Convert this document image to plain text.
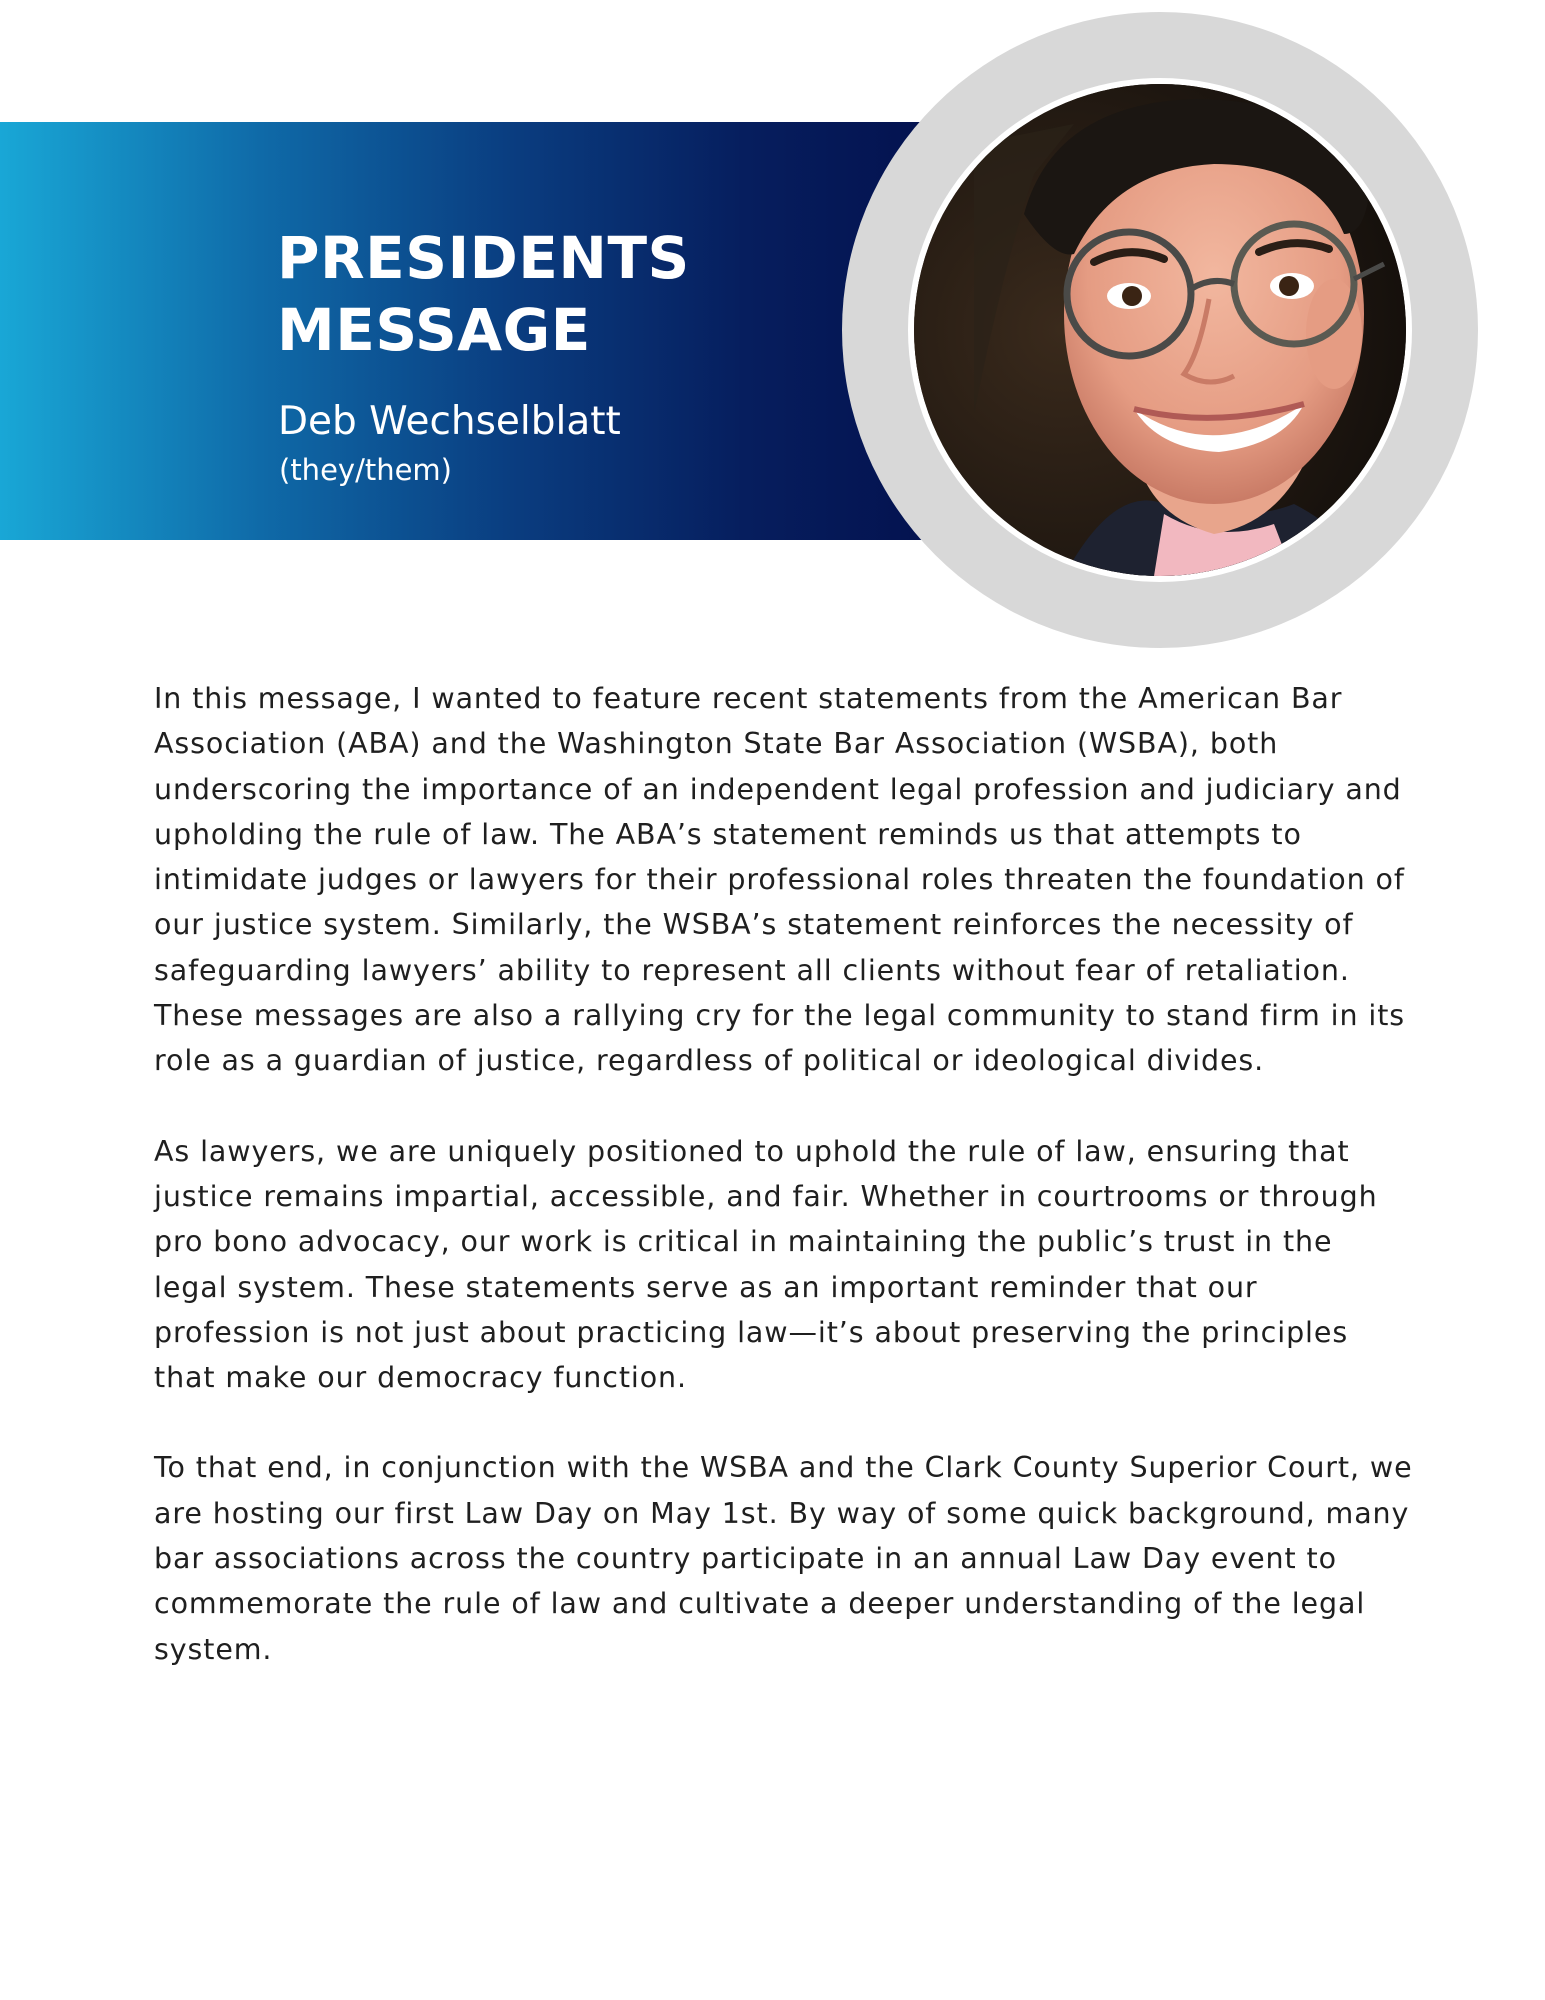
PRESIDENTS
MESSAGE
Deb Wechselblatt
(they/them)

In this message, I wanted to feature recent statements from the American Bar Association (ABA) and the Washington State Bar Association (WSBA), both underscoring the importance of an independent legal profession and judiciary and upholding the rule of law. The ABA’s statement reminds us that attempts to intimidate judges or lawyers for their professional roles threaten the foundation of our justice system. Similarly, the WSBA’s statement reinforces the necessity of safeguarding lawyers’ ability to represent all clients without fear of retaliation. These messages are also a rallying cry for the legal community to stand firm in its role as a guardian of justice, regardless of political or ideological divides.

As lawyers, we are uniquely positioned to uphold the rule of law, ensuring that justice remains impartial, accessible, and fair. Whether in courtrooms or through pro bono advocacy, our work is critical in maintaining the public’s trust in the legal system. These statements serve as an important reminder that our profession is not just about practicing law—it’s about preserving the principles that make our democracy function.

To that end, in conjunction with the WSBA and the Clark County Superior Court, we are hosting our first Law Day on May 1st. By way of some quick background, many bar associations across the country participate in an annual Law Day event to commemorate the rule of law and cultivate a deeper understanding of the legal system.
